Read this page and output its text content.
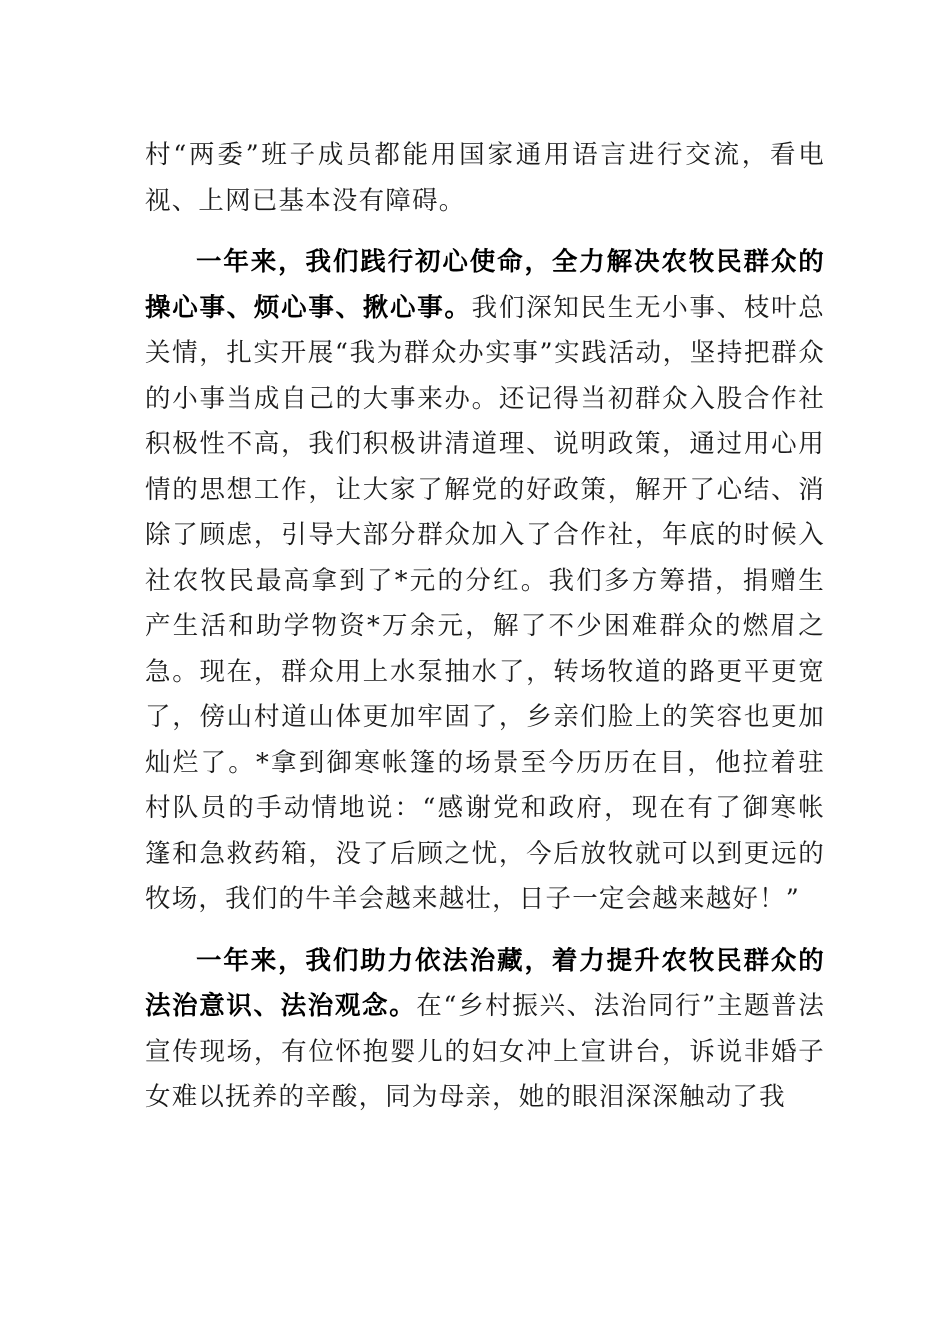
村“两委”班子成员都能用国家通用语言进行交流，看电视、上网已基本没有障碍。

一年来，我们践行初心使命，全力解决农牧民群众的操心事、烦心事、揪心事。我们深知民生无小事、枝叶总关情，扎实开展“我为群众办实事”实践活动，坚持把群众的小事当成自己的大事来办。还记得当初群众入股合作社积极性不高，我们积极讲清道理、说明政策，通过用心用情的思想工作，让大家了解党的好政策，解开了心结、消除了顾虑，引导大部分群众加入了合作社，年底的时候入社农牧民最高拿到了*元的分红。我们多方筹措，捐赠生产生活和助学物资*万余元，解了不少困难群众的燃眉之急。现在，群众用上水泵抽水了，转场牧道的路更平更宽了，傍山村道山体更加牢固了，乡亲们脸上的笑容也更加灿烂了。*拿到御寒帐篷的场景至今历历在目，他拉着驻村队员的手动情地说：“感谢党和政府，现在有了御寒帐篷和急救药箱，没了后顾之忧，今后放牧就可以到更远的牧场，我们的牛羊会越来越壮，日子一定会越来越好！”

一年来，我们助力依法治藏，着力提升农牧民群众的法治意识、法治观念。在“乡村振兴、法治同行”主题普法宣传现场，有位怀抱婴儿的妇女冲上宣讲台，诉说非婚子女难以抚养的辛酸，同为母亲，她的眼泪深深触动了我
